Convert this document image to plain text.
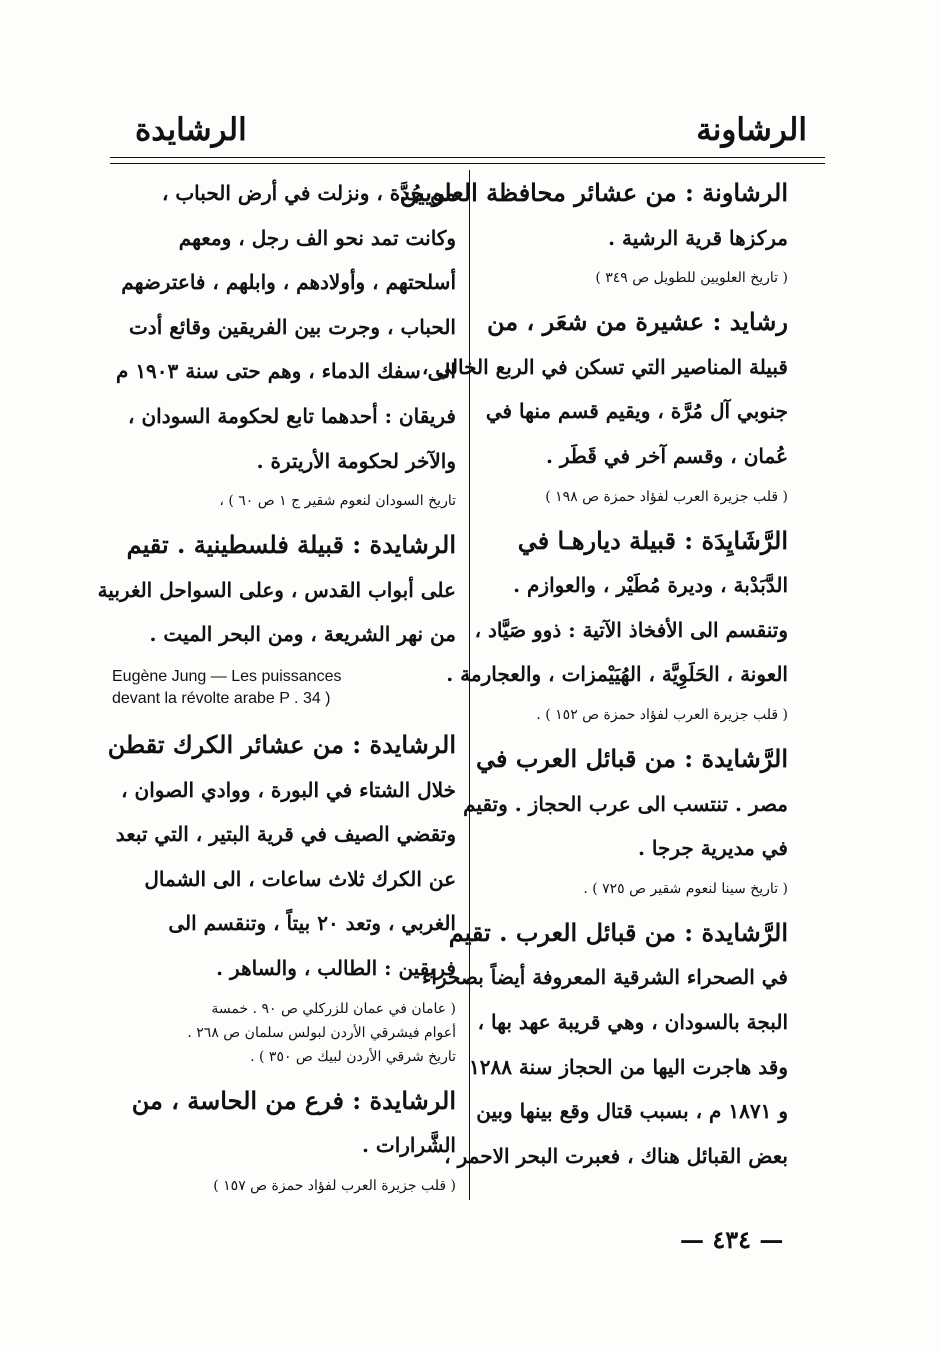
الرشاونة
الرشايدة
الرشاونة : من عشائر محافظة العلويين
مركزها قرية الرشية .
( تاريخ العلويين للطويل ص ٣٤٩ )
رشايد : عشيرة من شعَر ، من
قبيلة المناصير التي تسكن في الربع الخالي ،
جنوبي آل مُرَّة ، ويقيم قسم منها في
عُمان ، وقسم آخر في قَطَر .
( قلب جزيرة العرب لفؤاد حمزة ص ١٩٨ )
الرَّشَايِدَة : قبيلة ديارهـا في
الدَّبَدْبة ، وديرة مُطَيْر ، والعوازم .
وتنقسم الى الأفخاذ الآتية : ذوو صَيَّاد ،
العونة ، الحَلَوِيَّة ، الهُيَيْمزات ، والعجارمة .
( قلب جزيرة العرب لفؤاد حمزة ص ١٥٢ ) .
الرَّشايدة : من قبائل العرب في
مصر . تنتسب الى عرب الحجاز . وتقيم
في مديرية جرجا .
( تاريخ سينا لنعوم شقير ص ٧٢٥ ) .
الرَّشايدة : من قبائل العرب . تقيم
في الصحراء الشرقية المعروفة أيضاً بصحراء
البجة بالسودان ، وهي قريبة عهد بها ،
وقد هاجرت اليها من الحجاز سنة ١٢٨٨
و ١٨٧١ م ، بسبب قتال وقع بينها وبين
بعض القبائل هناك ، فعبرت البحر الاحمر ،
من جُدَّة ، ونزلت في أرض الحباب ،
وكانت تمد نحو الف رجل ، ومعهم
أسلحتهم ، وأولادهم ، وابلهم ، فاعترضهم
الحباب ، وجرت بين الفريقين وقائع أدت
الى سفك الدماء ، وهم حتى سنة ١٩٠٣ م
فريقان : أحدهما تابع لحكومة السودان ،
والآخر لحكومة الأريترة .
تاريخ السودان لنعوم شقير ج ١ ص ٦٠ ) ،
الرشايدة : قبيلة فلسطينية . تقيم
على أبواب القدس ، وعلى السواحل الغربية
من نهر الشريعة ، ومن البحر الميت .
Eugène Jung — Les puissances
devant la révolte arabe P . 34 )
الرشايدة : من عشائر الكرك تقطن
خلال الشتاء في البورة ، ووادي الصوان ،
وتقضي الصيف في قرية البتير ، التي تبعد
عن الكرك ثلاث ساعات ، الى الشمال
الغربي ، وتعد ٢٠ بيتاً ، وتنقسم الى
فريقين : الطالب ، والساهر .
( عامان في عمان للزركلي ص ٩٠ . خمسة
أعوام فيشرقي الأردن لبولس سلمان ص ٢٦٨ .
تاريخ شرقي الأردن لبيك ص ٣٥٠ ) .
الرشايدة : فرع من الحاسة ، من
الشَّرارات .
( قلب جزيرة العرب لفؤاد حمزة ص ١٥٧ )
— ٤٣٤ —
